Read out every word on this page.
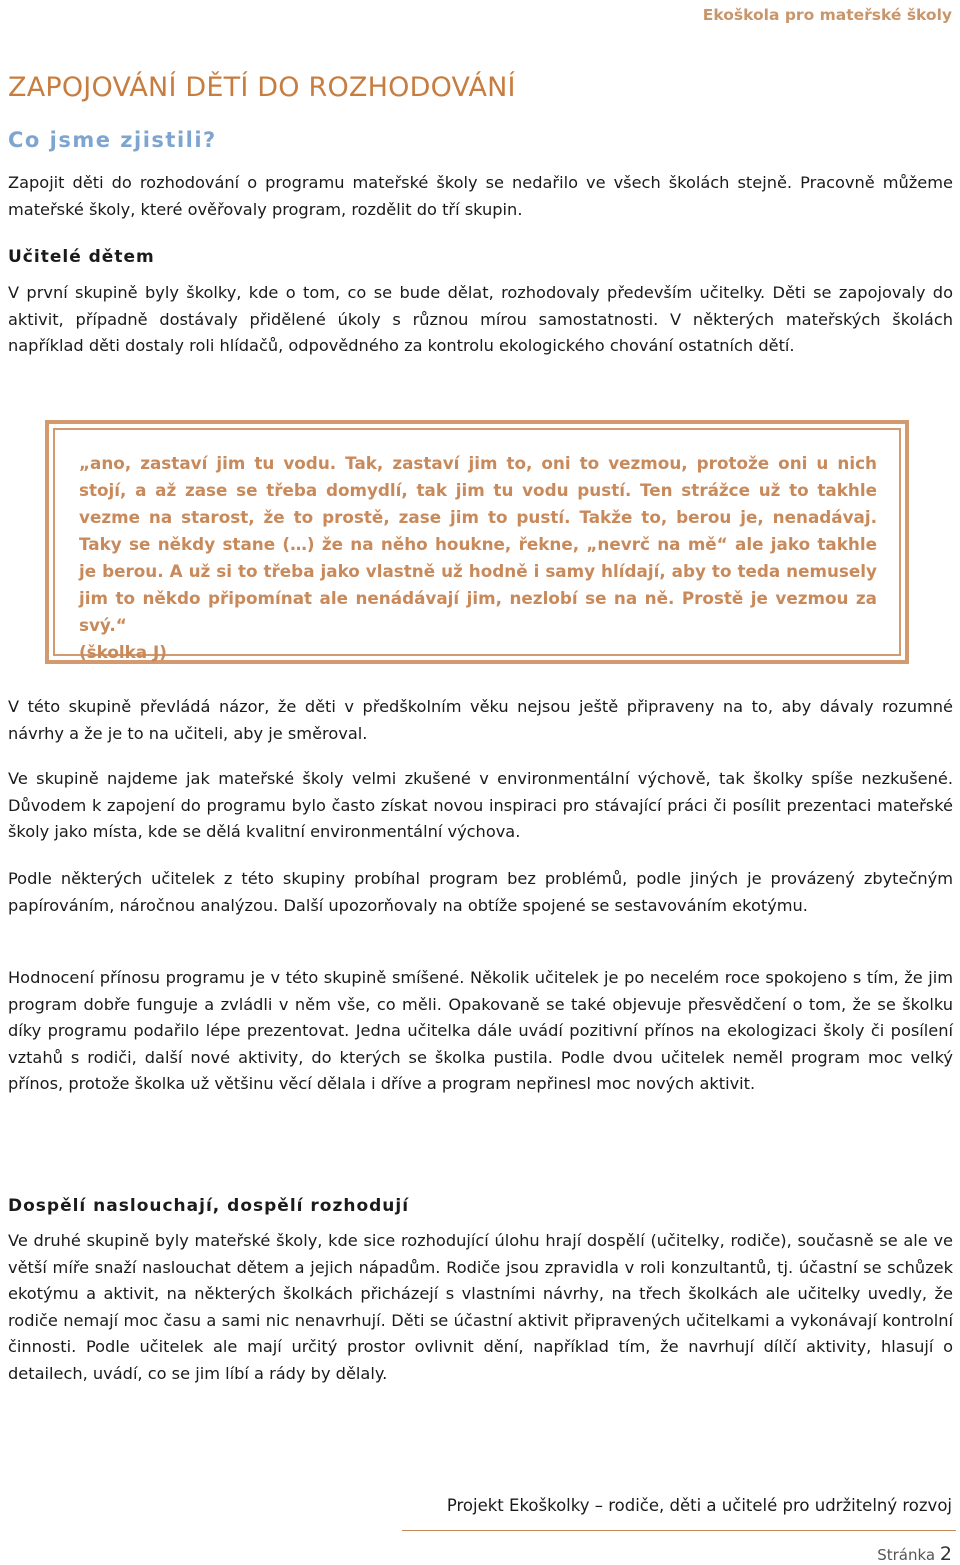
Ekoškola pro mateřské školy
ZAPOJOVÁNÍ DĚTÍ DO ROZHODOVÁNÍ
Co jsme zjistili?

Zapojit děti do rozhodování o programu mateřské školy se nedařilo ve všech školách stejně. Pracovně můžeme mateřské školy, které ověřovaly program, rozdělit do tří skupin.

Učitelé dětem

V první skupině byly školky, kde o tom, co se bude dělat, rozhodovaly především učitelky. Děti se zapojovaly do aktivit, případně dostávaly přidělené úkoly s různou mírou samostatnosti. V některých mateřských školách například děti dostaly roli hlídačů, odpovědného za kontrolu ekologického chování ostatních dětí.

„ano, zastaví jim tu vodu. Tak, zastaví jim to, oni to vezmou, protože oni u nich stojí, a až zase se třeba domydlí, tak jim tu vodu pustí. Ten strážce už to takhle vezme na starost, že to prostě, zase jim to pustí. Takže to, berou je, nenadávaj. Taky se někdy stane (…) že na něho houkne, řekne, „nevrč na mě“ ale jako takhle je berou. A už si to třeba jako vlastně už hodně i samy hlídají, aby to teda nemusely jim to někdo připomínat ale nenádávají jim, nezlobí se na ně. Prostě je vezmou za svý.“
(školka J)

V této skupině převládá názor, že děti v předškolním věku nejsou ještě připraveny na to, aby dávaly rozumné návrhy a že je to na učiteli, aby je směroval.

Ve skupině najdeme jak mateřské školy velmi zkušené v environmentální výchově, tak školky spíše nezkušené. Důvodem k zapojení do programu bylo často získat novou inspiraci pro stávající práci či posílit prezentaci mateřské školy jako místa, kde se dělá kvalitní environmentální výchova.

Podle některých učitelek z této skupiny probíhal program bez problémů, podle jiných je provázený zbytečným papírováním, náročnou analýzou. Další upozorňovaly na obtíže spojené se sestavováním ekotýmu.

Hodnocení přínosu programu je v této skupině smíšené. Několik učitelek je po necelém roce spokojeno s tím, že jim program dobře funguje a zvládli v něm vše, co měli. Opakovaně se také objevuje přesvědčení o tom, že se školku díky programu podařilo lépe prezentovat. Jedna učitelka dále uvádí pozitivní přínos na ekologizaci školy či posílení vztahů s rodiči, další nové aktivity, do kterých se školka pustila. Podle dvou učitelek neměl program moc velký přínos, protože školka už většinu věcí dělala i dříve a program nepřinesl moc nových aktivit.

Dospělí naslouchají, dospělí rozhodují

Ve druhé skupině byly mateřské školy, kde sice rozhodující úlohu hrají dospělí (učitelky, rodiče), současně se ale ve větší míře snaží naslouchat dětem a jejich nápadům. Rodiče jsou zpravidla v roli konzultantů, tj. účastní se schůzek ekotýmu a aktivit, na některých školkách přicházejí s vlastními návrhy, na třech školkách ale učitelky uvedly, že rodiče nemají moc času a sami nic nenavrhují. Děti se účastní aktivit připravených učitelkami a vykonávají kontrolní činnosti. Podle učitelek ale mají určitý prostor ovlivnit dění, například tím, že navrhují dílčí aktivity, hlasují o detailech, uvádí, co se jim líbí a rády by dělaly.

Projekt Ekoškolky – rodiče, děti a učitelé pro udržitelný rozvoj
Stránka 2
